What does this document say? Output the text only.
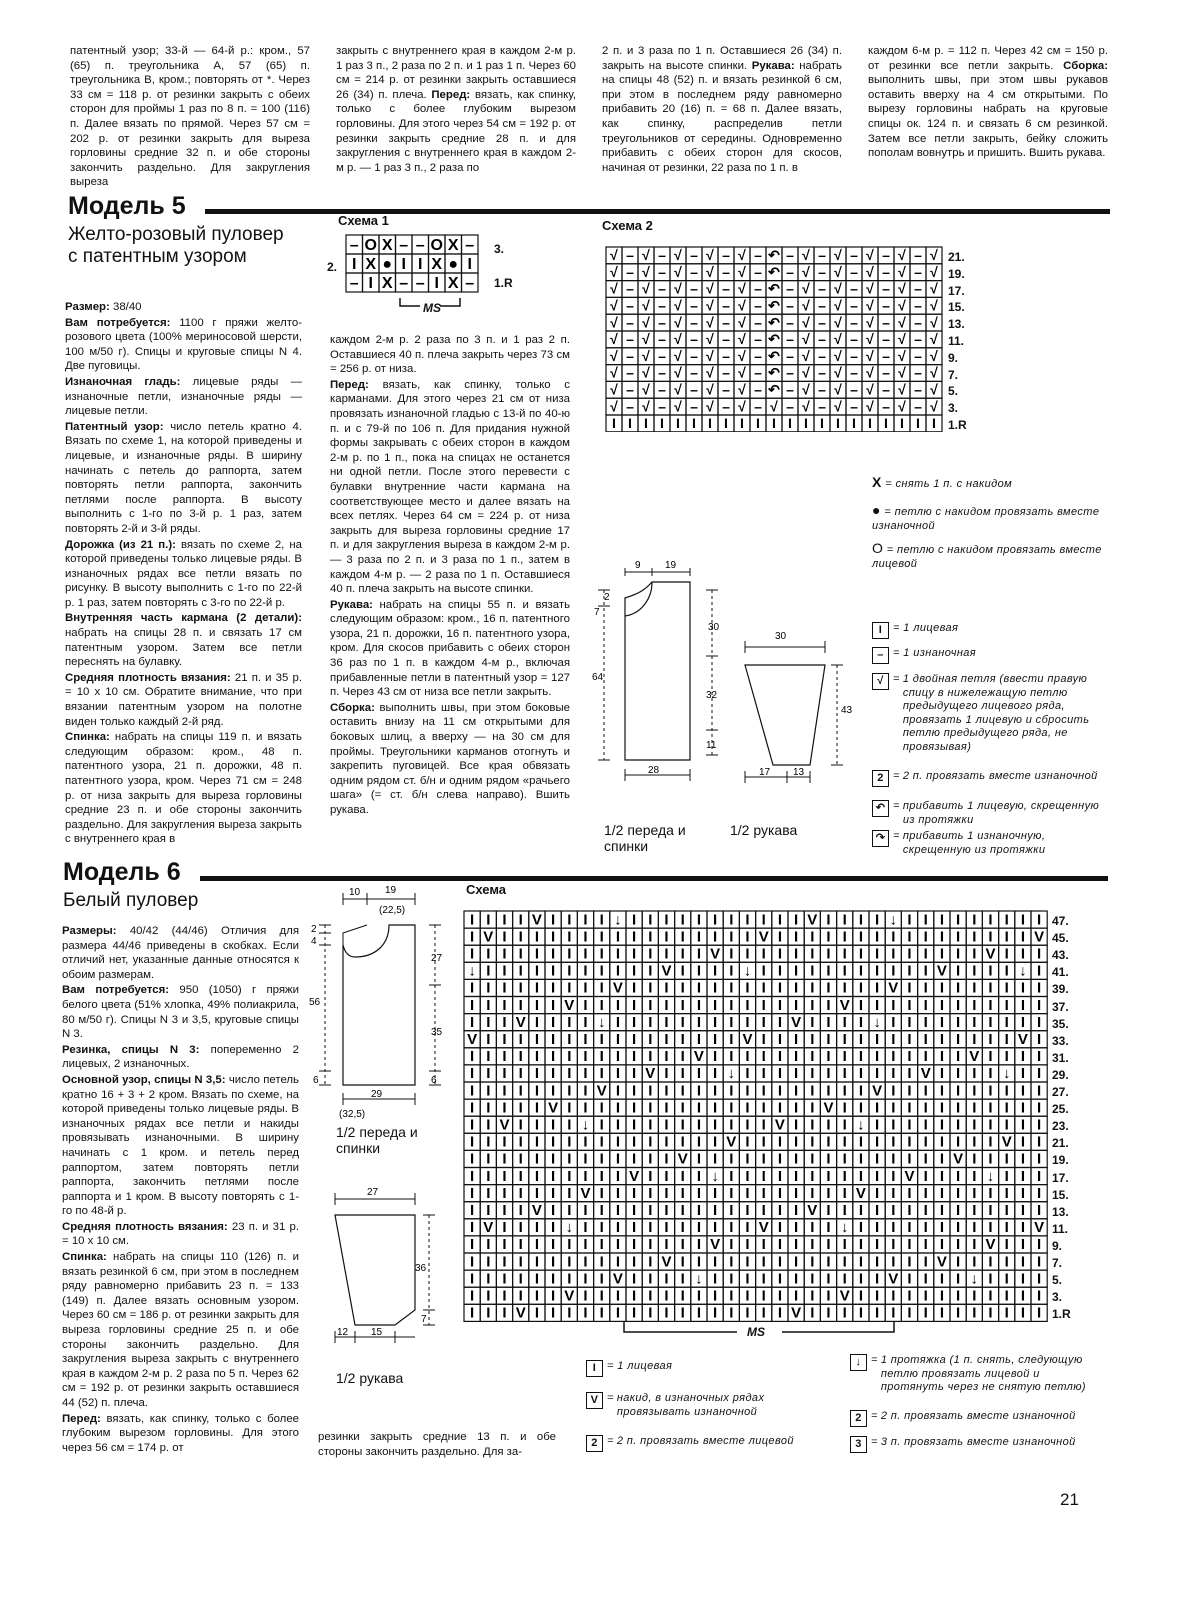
патентный узор; 33-й — 64-й р.: кром., 57 (65) п. треугольника А, 57 (65) п. треугольника В, кром.; повторять от *. Через 33 см = 118 р. от резинки закрыть с обеих сторон для проймы 1 раз по 8 п. = 100 (116) п. Далее вязать по прямой. Через 57 см = 202 р. от резинки закрыть для выреза горловины средние 32 п. и обе стороны закончить раздельно. Для закругления выреза

закрыть с внутреннего края в каждом 2-м р. 1 раз 3 п., 2 раза по 2 п. и 1 раз 1 п. Через 60 см = 214 р. от резинки закрыть оставшиеся 26 (34) п. плеча. Перед: вязать, как спинку, только с более глубоким вырезом горловины. Для этого через 54 см = 192 р. от резинки закрыть средние 28 п. и для закругления с внутреннего края в каждом 2-м р. — 1 раз 3 п., 2 раза по

2 п. и 3 раза по 1 п. Оставшиеся 26 (34) п. закрыть на высоте спинки. Рукава: набрать на спицы 48 (52) п. и вязать резинкой 6 см, при этом в последнем ряду равномерно прибавить 20 (16) п. = 68 п. Далее вязать, как спинку, распределив петли треугольников от середины. Одновременно прибавить с обеих сторон для скосов, начиная от резинки, 22 раза по 1 п. в

каждом 6-м р. = 112 п. Через 42 см = 150 р. от резинки все петли закрыть. Сборка: выполнить швы, при этом швы рукавов оставить вверху на 4 см открытыми. По вырезу горловины набрать на круговые спицы ок. 124 п. и связать 6 см резинкой. Затем все петли закрыть, бейку сложить пополам вовнутрь и пришить. Вшить рукава.

Модель 5
Желто-розовый пуловер с патентным узором

Размер: 38/40

Вам потребуется: 1100 г пряжи желто-розового цвета (100% мериносовой шерсти, 100 м/50 г). Спицы и круговые спицы N 4. Две пуговицы.

Изнаночная гладь: лицевые ряды — изнаночные петли, изнаночные ряды — лицевые петли.

Патентный узор: число петель кратно 4. Вязать по схеме 1, на которой приведены и лицевые, и изнаночные ряды. В ширину начинать с петель до раппорта, затем повторять петли раппорта, закончить петлями после раппорта. В высоту выполнить с 1-го по 3-й р. 1 раз, затем повторять 2-й и 3-й ряды.

Дорожка (из 21 п.): вязать по схеме 2, на которой приведены только лицевые ряды. В изнаночных рядах все петли вязать по рисунку. В высоту выполнить с 1-го по 22-й р. 1 раз, затем повторять с 3-го по 22-й р.

Внутренняя часть кармана (2 детали): набрать на спицы 28 п. и связать 17 см патентным узором. Затем все петли переснять на булавку.

Средняя плотность вязания: 21 п. и 35 р. = 10 х 10 см. Обратите внимание, что при вязании патентным узором на полотне виден только каждый 2-й ряд.

Спинка: набрать на спицы 119 п. и вязать следующим образом: кром., 48 п. патентного узора, 21 п. дорожки, 48 п. патентного узора, кром. Через 71 см = 248 р. от низа закрыть для выреза горловины средние 23 п. и обе стороны закончить раздельно. Для закругления выреза закрыть с внутреннего края в

каждом 2-м р. 2 раза по 3 п. и 1 раз 2 п. Оставшиеся 40 п. плеча закрыть через 73 см = 256 р. от низа.

Перед: вязать, как спинку, только с карманами. Для этого через 21 см от низа провязать изнаночной гладью с 13-й по 40-ю п. и с 79-й по 106 п. Для придания нужной формы закрывать с обеих сторон в каждом 2-м р. по 1 п., пока на спицах не останется ни одной петли. После этого перевести с булавки внутренние части кармана на соответствующее место и далее вязать на всех петлях. Через 64 см = 224 р. от низа закрыть для выреза горловины средние 17 п. и для закругления выреза в каждом 2-м р. — 3 раза по 2 п. и 3 раза по 1 п., затем в каждом 4-м р. — 2 раза по 1 п. Оставшиеся 40 п. плеча закрыть на высоте спинки.

Рукава: набрать на спицы 55 п. и вязать следующим образом: кром., 16 п. патентного узора, 21 п. дорожки, 16 п. патентного узора, кром. Для скосов прибавить с обеих сторон 36 раз по 1 п. в каждом 4-м р., включая прибавленные петли в патентный узор = 127 п. Через 43 см от низа все петли закрыть.

Сборка: выполнить швы, при этом боковые оставить внизу на 11 см открытыми для боковых шлиц, а вверху — на 30 см для проймы. Треугольники карманов отогнуть и закрепить пуговицей. Все края обвязать одним рядом ст. б/н и одним рядом «рачьего шага» (= ст. б/н слева направо). Вшить рукава.

Схема 1
– O X – – O X –
I X ● I I X ● I
– I X – – I X –
3.
2.
1.R
MS
Схема 2
√ – √ – √ – √ – √ – ↶ – √ – √ – √ – √ – √
√ – √ – √ – √ – √ – ↶ – √ – √ – √ – √ – √
√ – √ – √ – √ – √ – ↶ – √ – √ – √ – √ – √
√ – √ – √ – √ – √ – ↶ – √ – √ – √ – √ – √
√ – √ – √ – √ – √ – ↶ – √ – √ – √ – √ – √
√ – √ – √ – √ – √ – ↶ – √ – √ – √ – √ – √
√ – √ – √ – √ – √ – ↶ – √ – √ – √ – √ – √
√ – √ – √ – √ – √ – ↶ – √ – √ – √ – √ – √
√ – √ – √ – √ – √ – ↶ – √ – √ – √ – √ – √
√ – √ – √ – √ – √ – √ – √ – √ – √ – √ – √
I I I I I I I I I I I I I I I I I I I I I
21.
19.
17.
15.
13.
11.
9.
7.
5.
3.
1.R
X = снять 1 п. с накидом
● = петлю с накидом провязать вместе изнаночной
O = петлю с накидом провязать вместе лицевой
I = 1 лицевая
– = 1 изнаночная
√ = 1 двойная петля (ввести правую спицу в нижележащую петлю предыдущего лицевого ряда, провязать 1 лицевую и сбросить петлю предыдущего ряда, не провязывая)
2 = 2 п. провязать вместе изнаночной
↶ = прибавить 1 лицевую, скрещенную из протяжки
↷ = прибавить 1 изнаночную, скрещенную из протяжки
9 19
2
7
30
64
32
11
28
1/2 переда и спинки
30
43
17 13
1/2 рукава
Модель 6
Белый пуловер

Размеры: 40/42 (44/46) Отличия для размера 44/46 приведены в скобках. Если отличий нет, указанные данные относятся к обоим размерам.

Вам потребуется: 950 (1050) г пряжи белого цвета (51% хлопка, 49% полиакрила, 80 м/50 г). Спицы N 3 и 3,5, круговые спицы N 3.

Резинка, спицы N 3: попеременно 2 лицевых, 2 изнаночных.

Основной узор, спицы N 3,5: число петель кратно 16 + 3 + 2 кром. Вязать по схеме, на которой приведены только лицевые ряды. В изнаночных рядах все петли и накиды провязывать изнаночными. В ширину начинать с 1 кром. и петель перед раппортом, затем повторять петли раппорта, закончить петлями после раппорта и 1 кром. В высоту повторять с 1-го по 48-й р.

Средняя плотность вязания: 23 п. и 31 р. = 10 х 10 см.

Спинка: набрать на спицы 110 (126) п. и вязать резинкой 6 см, при этом в последнем ряду равномерно прибавить 23 п. = 133 (149) п. Далее вязать основным узором. Через 60 см = 186 р. от резинки закрыть для выреза горловины средние 25 п. и обе стороны закончить раздельно. Для закругления выреза закрыть с внутреннего края в каждом 2-м р. 2 раза по 5 п. Через 62 см = 192 р. от резинки закрыть оставшиеся 44 (52) п. плеча.

Перед: вязать, как спинку, только с более глубоким вырезом горловины. Для этого через 56 см = 174 р. от

резинки закрыть средние 13 п. и обе стороны закончить раздельно. Для за-

10 19
(22,5)
2
4
27
56
35
6	6
29
(32,5)
1/2 переда и спинки
27
36
7
12 15
1/2 рукава
Схема
I I I I V I I I I ↓ I I I I I I I I I I I V I I I I ↓ I I I I I I I I I
I V I I I I I I I I I I I I I I I I V I I I I I I I I I I I I I I I I V
I I I I I I I I I I I I I I I V I I I I I I I I I I I I I I I I V I I I
↓ I I I I I I I I I I I V I I I I ↓ I I I I I I I I I I I V I I I I ↓ I
I I I I I I I I I V I I I I I I I I I I I I I I I I V I I I I I I I I I
I I I I I I V I I I I I I I I I I I I I I I I V I I I I I I I I I I I I
I I I V I I I I ↓ I I I I I I I I I I I V I I I I ↓ I I I I I I I I I I
V I I I I I I I I I I I I I I I I V I I I I I I I I I I I I I I I I V I
I I I I I I I I I I I I I I V I I I I I I I I I I I I I I I I V I I I I
I I I I I I I I I I I V I I I I ↓ I I I I I I I I I I I V I I I I ↓ I I
I I I I I I I I V I I I I I I I I I I I I I I I I V I I I I I I I I I I
I I I I I V I I I I I I I I I I I I I I I I V I I I I I I I I I I I I I
I I V I I I I ↓ I I I I I I I I I I I V I I I I ↓ I I I I I I I I I I I
I I I I I I I I I I I I I I I I V I I I I I I I I I I I I I I I I V I I
I I I I I I I I I I I I I V I I I I I I I I I I I I I I I I V I I I I I
I I I I I I I I I I V I I I I ↓ I I I I I I I I I I I V I I I I ↓ I I I
I I I I I I I V I I I I I I I I I I I I I I I I V I I I I I I I I I I I
I I I I V I I I I I I I I I I I I I I I I V I I I I I I I I I I I I I I
I V I I I I ↓ I I I I I I I I I I I V I I I I ↓ I I I I I I I I I I I V
I I I I I I I I I I I I I I I V I I I I I I I I I I I I I I I I V I I I
I I I I I I I I I I I I V I I I I I I I I I I I I I I I I V I I I I I I
I I I I I I I I I V I I I I ↓ I I I I I I I I I I I V I I I I ↓ I I I I
I I I I I I V I I I I I I I I I I I I I I I I V I I I I I I I I I I I I
I I I V I I I I I I I I I I I I I I I I V I I I I I I I I I I I I I I I
47.
45.
43.
41.
39.
37.
35.
33.
31.
29.
27.
25.
23.
21.
19.
17.
15.
13.
11.
9.
7.
5.
3.
1.R
MS
I = 1 лицевая
V = накид, в изнаночных рядах провязывать изнаночной
2 = 2 п. провязать вместе лицевой
↓ = 1 протяжка (1 п. снять, следующую петлю провязать лицевой и протянуть через не снятую петлю)
2 = 2 п. провязать вместе изнаночной
3 = 3 п. провязать вместе изнаночной
21
